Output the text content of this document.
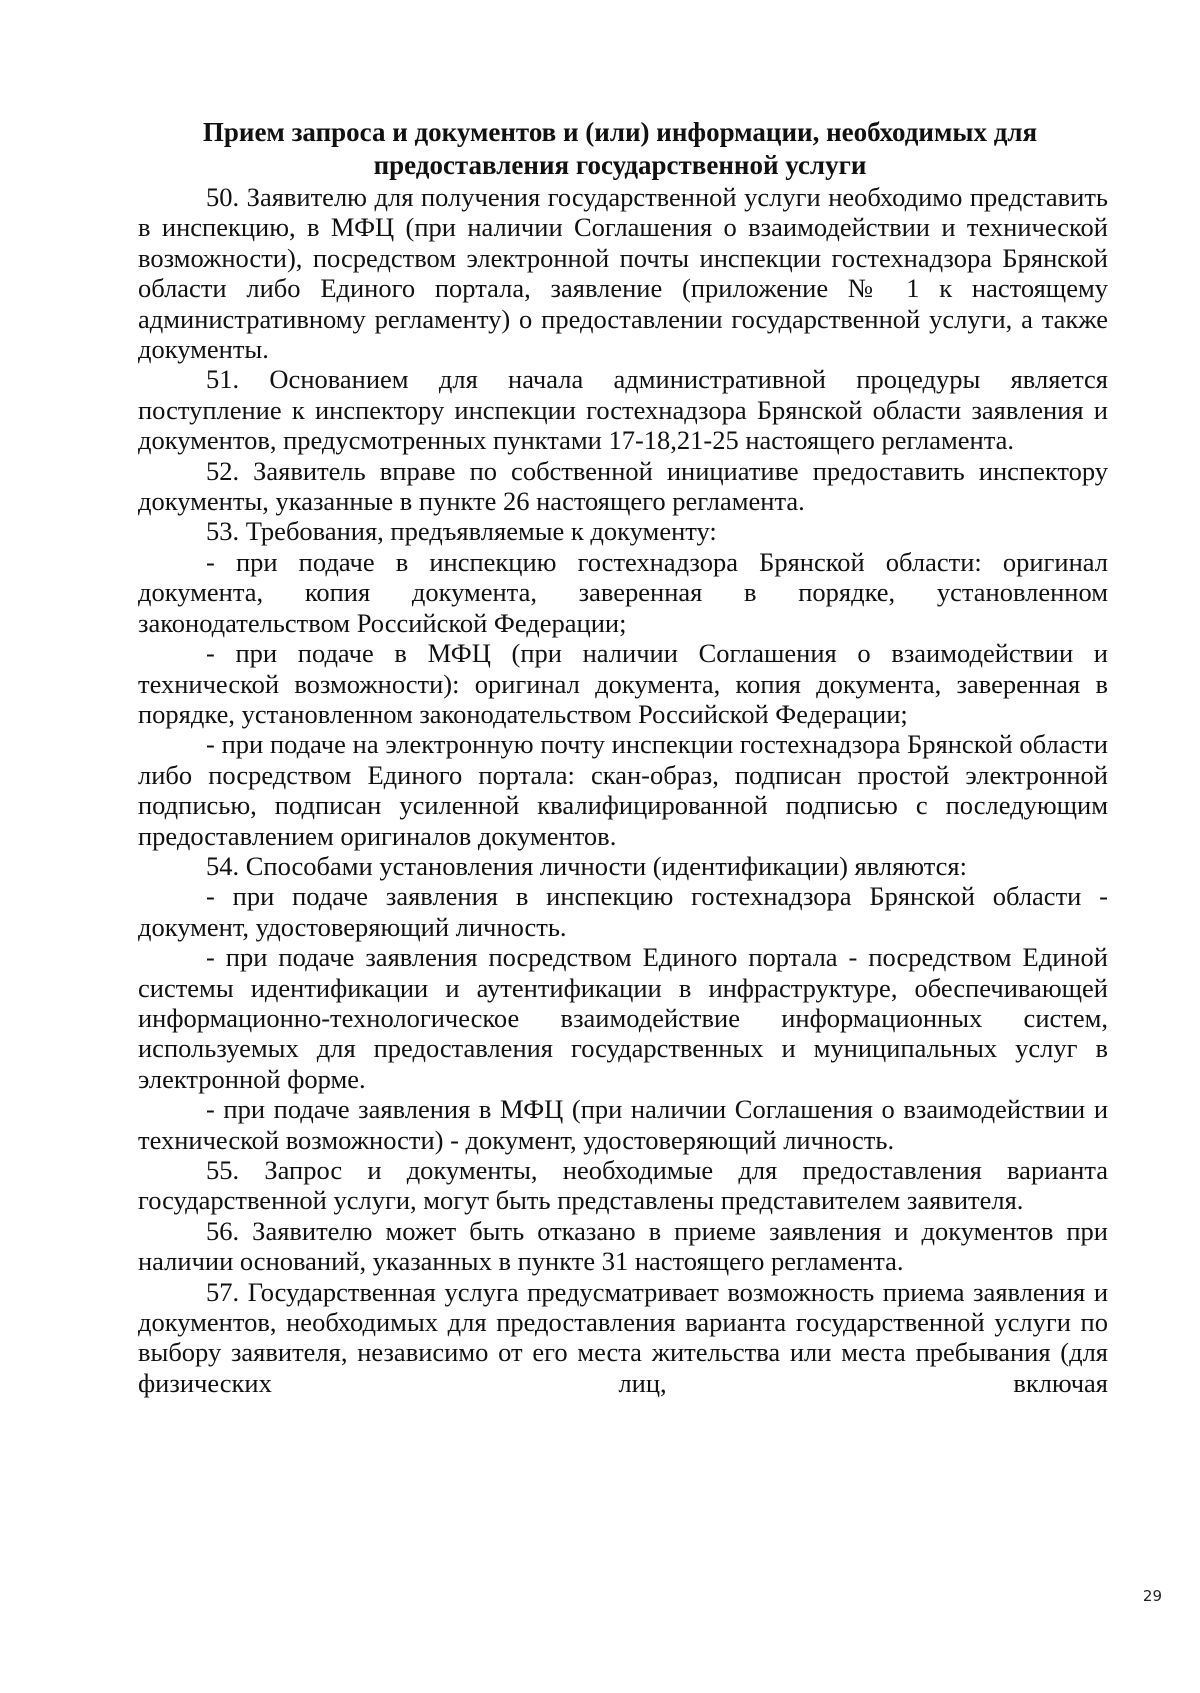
Прием запроса и документов и (или) информации, необходимых для
предоставления государственной услуги

50. Заявителю для получения государственной услуги необходимо представить в инспекцию, в МФЦ (при наличии Соглашения о взаимодействии и технической возможности), посредством электронной почты инспекции гостехнадзора Брянской области либо Единого портала, заявление (приложение № 1 к настоящему административному регламенту) о предоставлении государственной услуги, а также документы.

51. Основанием для начала административной процедуры является поступление к инспектору инспекции гостехнадзора Брянской области заявления и документов, предусмотренных пунктами 17-18,21-25 настоящего регламента.

52. Заявитель вправе по собственной инициативе предоставить инспектору документы, указанные в пункте 26 настоящего регламента.

53. Требования, предъявляемые к документу:

- при подаче в инспекцию гостехнадзора Брянской области: оригинал документа, копия документа, заверенная в порядке, установленном законодательством Российской Федерации;

- при подаче в МФЦ (при наличии Соглашения о взаимодействии и технической возможности): оригинал документа, копия документа, заверенная в порядке, установленном законодательством Российской Федерации;

- при подаче на электронную почту инспекции гостехнадзора Брянской области либо посредством Единого портала: скан-образ, подписан простой электронной подписью, подписан усиленной квалифицированной подписью с последующим предоставлением оригиналов документов.

54. Способами установления личности (идентификации) являются:

- при подаче заявления в инспекцию гостехнадзора Брянской области - документ, удостоверяющий личность.

- при подаче заявления посредством Единого портала - посредством Единой системы идентификации и аутентификации в инфраструктуре, обеспечивающей информационно-технологическое взаимодействие информационных систем, используемых для предоставления государственных и муниципальных услуг в электронной форме.

- при подаче заявления в МФЦ (при наличии Соглашения о взаимодействии и технической возможности) - документ, удостоверяющий личность.

55. Запрос и документы, необходимые для предоставления варианта государственной услуги, могут быть представлены представителем заявителя.

56. Заявителю может быть отказано в приеме заявления и документов при наличии оснований, указанных в пункте 31 настоящего регламента.

57. Государственная услуга предусматривает возможность приема заявления и документов, необходимых для предоставления варианта государственной услуги по выбору заявителя, независимо от его места жительства или места пребывания (для физических лиц, включая

29
